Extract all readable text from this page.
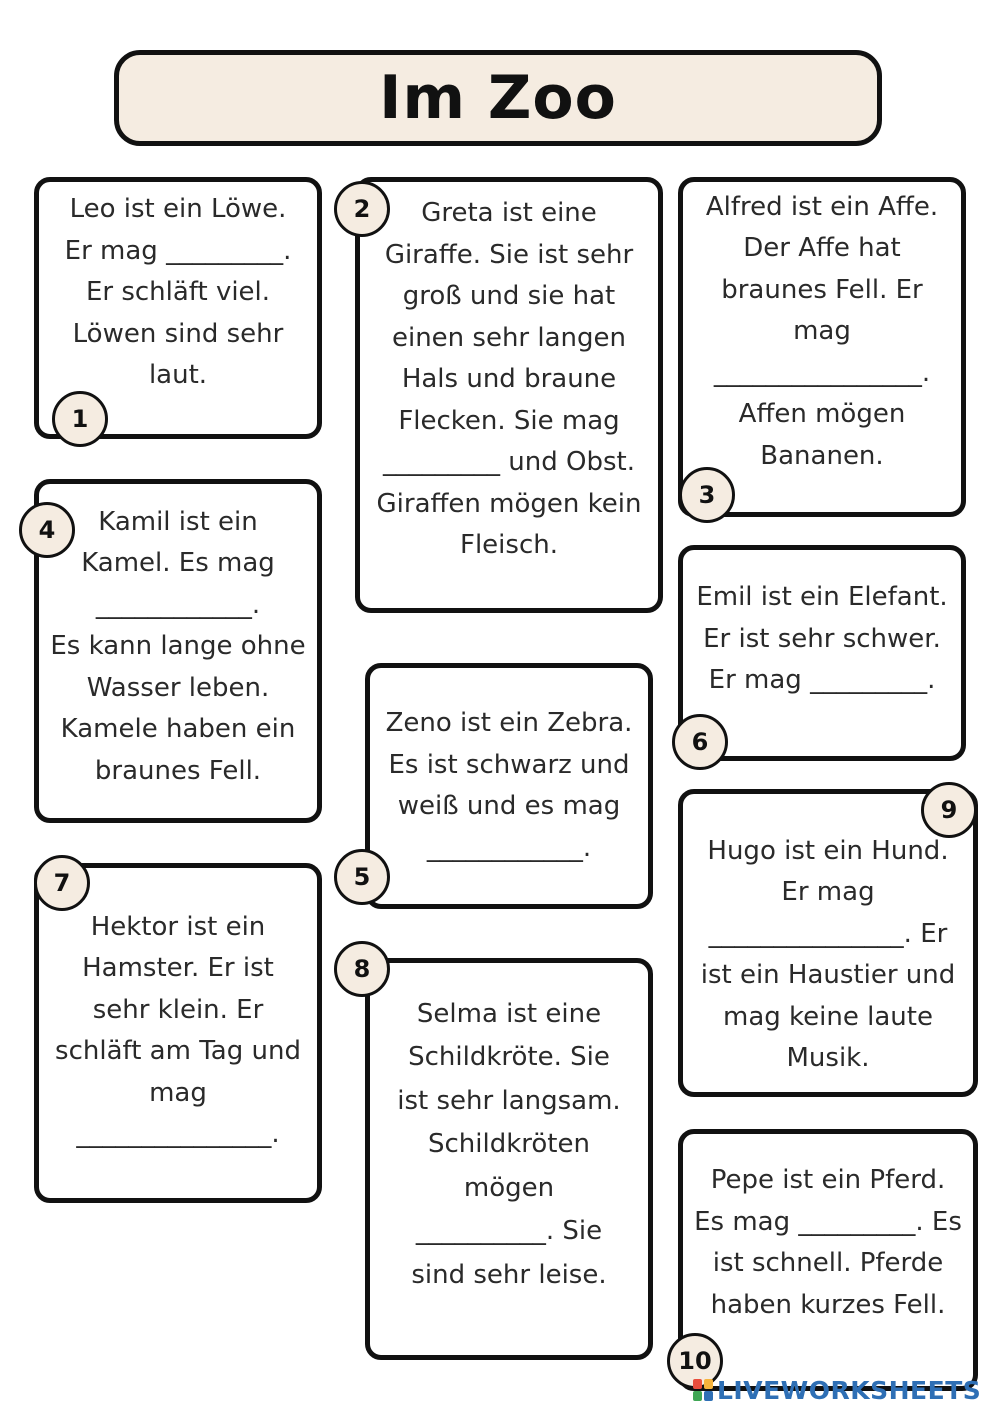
Im Zoo

Leo ist ein Löwe.
Er mag _________.
Er schläft viel.
Löwen sind sehr
laut.

1

Greta ist eine
Giraffe. Sie ist sehr
groß und sie hat
einen sehr langen
Hals und braune
Flecken. Sie mag
_________ und Obst.
Giraffen mögen kein
Fleisch.

2	Alfred ist ein Affe.
Der Affe hat
braunes Fell. Er
mag
________________.
Affen mögen
Bananen.

3

Kamil ist ein
Kamel. Es mag
____________.
Es kann lange ohne
Wasser leben.
Kamele haben ein
braunes Fell.

4

Zeno ist ein Zebra.
Es ist schwarz und
weiß und es mag
____________.

5

Emil ist ein Elefant.
Er ist sehr schwer.
Er mag _________.

6

Hektor ist ein
Hamster. Er ist
sehr klein. Er
schläft am Tag und
mag
_______________.

7

Selma ist eine
Schildkröte. Sie
ist sehr langsam.
Schildkröten
mögen
__________. Sie
sind sehr leise.

8

Hugo ist ein Hund.
Er mag
_______________. Er
ist ein Haustier und
mag keine laute
Musik.

9

Pepe ist ein Pferd.
Es mag _________. Es
ist schnell. Pferde
haben kurzes Fell.

10
LIVEWORKSHEETS
